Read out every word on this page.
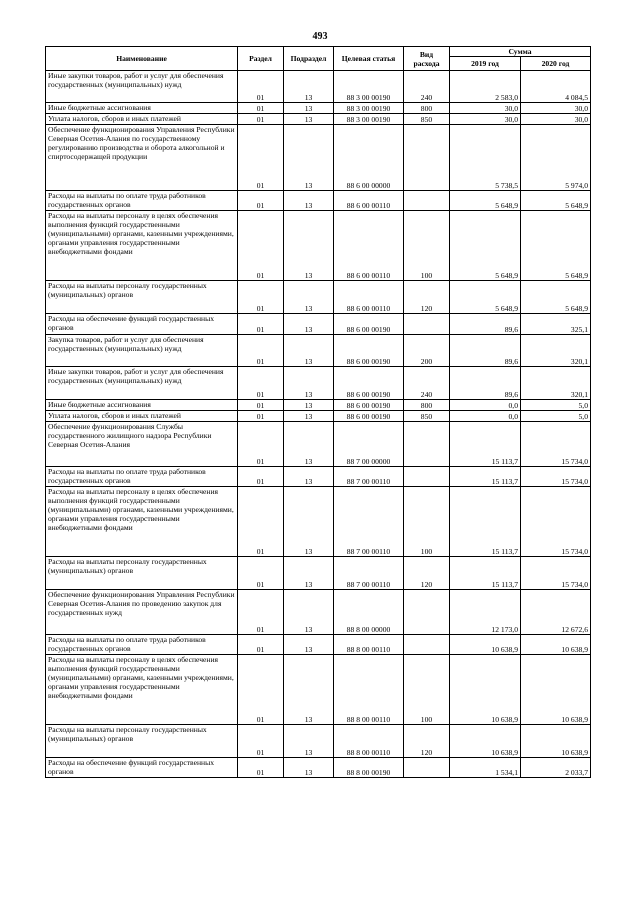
493
Наименование	Раздел	Подраздел	Целевая статья	Вид расхода	Сумма	
					2019 год	2020 год
Иные закупки товаров, работ и услуг для обеспечения государственных (муниципальных) нужд	01	13	88 3 00 00190	240	2 583,0	4 084,5
Иные бюджетные ассигнования	01	13	88 3 00 00190	800	30,0	30,0
Уплата налогов, сборов и иных платежей	01	13	88 3 00 00190	850	30,0	30,0
Обеспечение функционирования Управления Республики Северная Осетия-Алания по государственному регулированию производства и оборота алкогольной и спиртосодержащей продукции	01	13	88 6 00 00000		5 738,5	5 974,0
Расходы на выплаты по оплате труда работников государственных органов	01	13	88 6 00 00110		5 648,9	5 648,9
Расходы на выплаты персоналу в целях обеспечения выполнения функций государственными (муниципальными) органами, казенными учреждениями, органами управления государственными внебюджетными фондами	01	13	88 6 00 00110	100	5 648,9	5 648,9
Расходы на выплаты персоналу государственных (муниципальных) органов	01	13	88 6 00 00110	120	5 648,9	5 648,9
Расходы на обеспечение функций государственных органов	01	13	88 6 00 00190		89,6	325,1
Закупка товаров, работ и услуг для обеспечения государственных (муниципальных) нужд	01	13	88 6 00 00190	200	89,6	320,1
Иные закупки товаров, работ и услуг для обеспечения государственных (муниципальных) нужд	01	13	88 6 00 00190	240	89,6	320,1
Иные бюджетные ассигнования	01	13	88 6 00 00190	800	0,0	5,0
Уплата налогов, сборов и иных платежей	01	13	88 6 00 00190	850	0,0	5,0
Обеспечение функционирования Службы государственного жилищного надзора Республики Северная Осетия-Алания	01	13	88 7 00 00000		15 113,7	15 734,0
Расходы на выплаты по оплате труда работников государственных органов	01	13	88 7 00 00110		15 113,7	15 734,0
Расходы на выплаты персоналу в целях обеспечения выполнения функций государственными (муниципальными) органами, казенными учреждениями, органами управления государственными внебюджетными фондами	01	13	88 7 00 00110	100	15 113,7	15 734,0
Расходы на выплаты персоналу государственных (муниципальных) органов	01	13	88 7 00 00110	120	15 113,7	15 734,0
Обеспечение функционирования Управления Республики Северная Осетия-Алания по проведению закупок для государственных нужд	01	13	88 8 00 00000		12 173,0	12 672,6
Расходы на выплаты по оплате труда работников государственных органов	01	13	88 8 00 00110		10 638,9	10 638,9
Расходы на выплаты персоналу в целях обеспечения выполнения функций государственными (муниципальными) органами, казенными учреждениями, органами управления государственными внебюджетными фондами	01	13	88 8 00 00110	100	10 638,9	10 638,9
Расходы на выплаты персоналу государственных (муниципальных) органов	01	13	88 8 00 00110	120	10 638,9	10 638,9
Расходы на обеспечение функций государственных органов	01	13	88 8 00 00190		1 534,1	2 033,7
